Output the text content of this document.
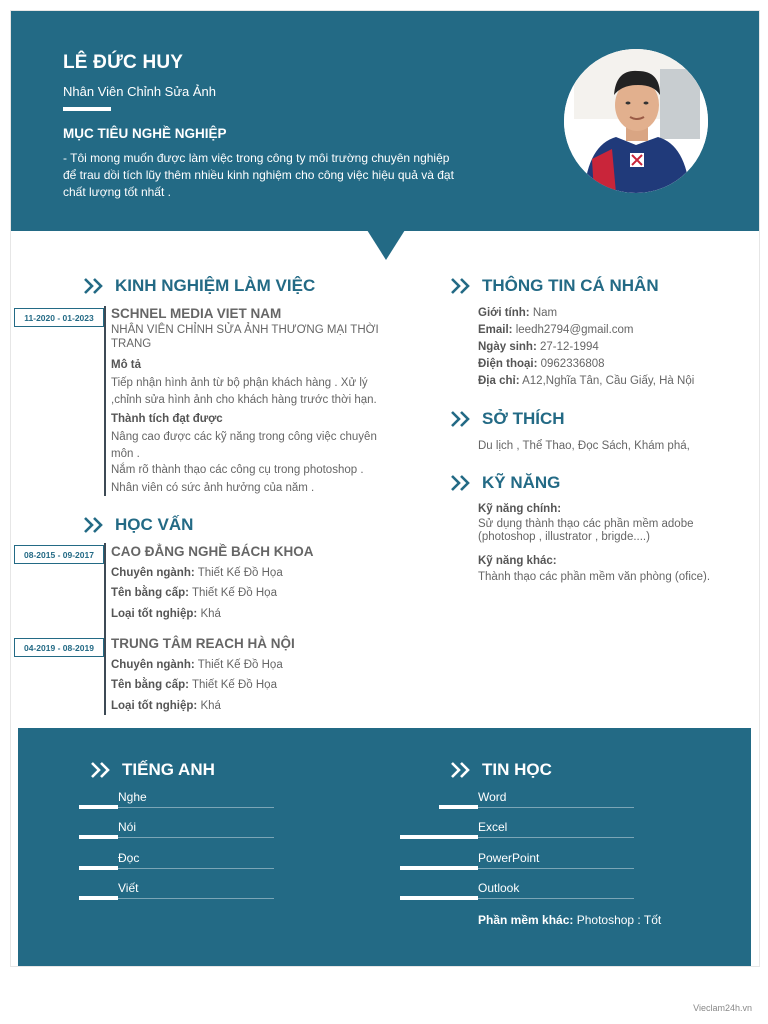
LÊ ĐỨC HUY
Nhân Viên Chỉnh Sửa Ảnh
MỤC TIÊU NGHỀ NGHIỆP
- Tôi mong muốn được làm việc trong công ty môi trường chuyên nghiệp để trau dồi tích lũy thêm nhiều kinh nghiệm cho công việc hiệu quả và đạt chất lượng tốt nhất .
KINH NGHIỆM LÀM VIỆC
11-2020 - 01-2023	SCHNEL MEDIA VIET NAM
NHÂN VIÊN CHỈNH SỬA ẢNH THƯƠNG MẠI THỜI TRANG
Mô tả
Tiếp nhận hình ảnh từ bộ phận khách hàng . Xử lý ,chỉnh sửa hình ảnh cho khách hàng trước thời hạn.
Thành tích đạt được
Nâng cao được các kỹ năng trong công việc chuyên môn .
Nắm rõ thành thạo các công cụ trong photoshop .
Nhân viên có sức ảnh hưởng của năm .
HỌC VẤN
08-2015 - 09-2017	CAO ĐẲNG NGHỀ BÁCH KHOA
Chuyên ngành: Thiết Kế Đồ Họa
Tên bằng cấp: Thiết Kế Đồ Họa
Loại tốt nghiệp: Khá
04-2019 - 08-2019	TRUNG TÂM REACH HÀ NỘI
Chuyên ngành: Thiết Kế Đồ Họa
Tên bằng cấp: Thiết Kế Đồ Họa
Loại tốt nghiệp: Khá
THÔNG TIN CÁ NHÂN
Giới tính: Nam
Email: leedh2794@gmail.com
Ngày sinh: 27-12-1994
Điện thoại: 0962336808
Địa chỉ: A12,Nghĩa Tân, Cầu Giấy, Hà Nội
SỞ THÍCH
Du lịch , Thể Thao, Đọc Sách, Khám phá,
KỸ NĂNG
Kỹ năng chính:
Sử dụng thành thạo các phần mềm adobe (photoshop , illustrator , brigde....)
Kỹ năng khác:
Thành thạo các phần mềm văn phòng (ofice).
TIẾNG ANH
Nghe
Nói
Đọc
Viết
TIN HỌC
Word
Excel
PowerPoint
Outlook
Phần mềm khác: Photoshop : Tốt
Vieclam24h.vn
